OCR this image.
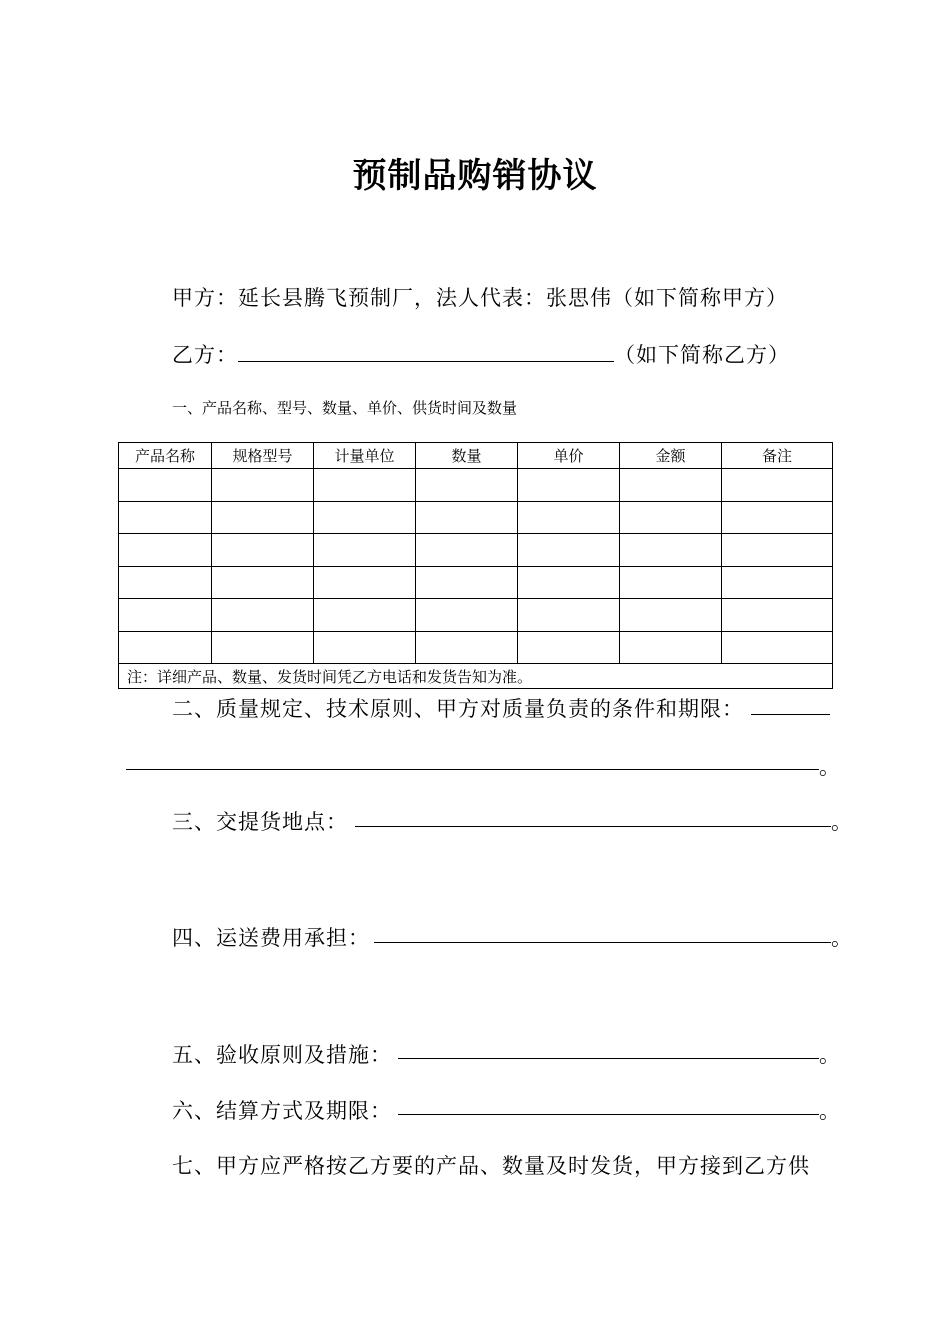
预制品购销协议
甲方：延长县腾飞预制厂，法人代表：张思伟（如下简称甲方）
乙方：	（如下简称乙方）
一、产品名称、型号、数量、单价、供货时间及数量
产品名称	规格型号	计量单位	数量	单价	金额	备注

注：详细产品、数量、发货时间凭乙方电话和发货告知为准。						
二、质量规定、技术原则、甲方对质量负责的条件和期限：
。
三、交提货地点：	。
四、运送费用承担：	。
五、验收原则及措施：	。
六、结算方式及期限：	。
七、甲方应严格按乙方要的产品、数量及时发货，甲方接到乙方供
